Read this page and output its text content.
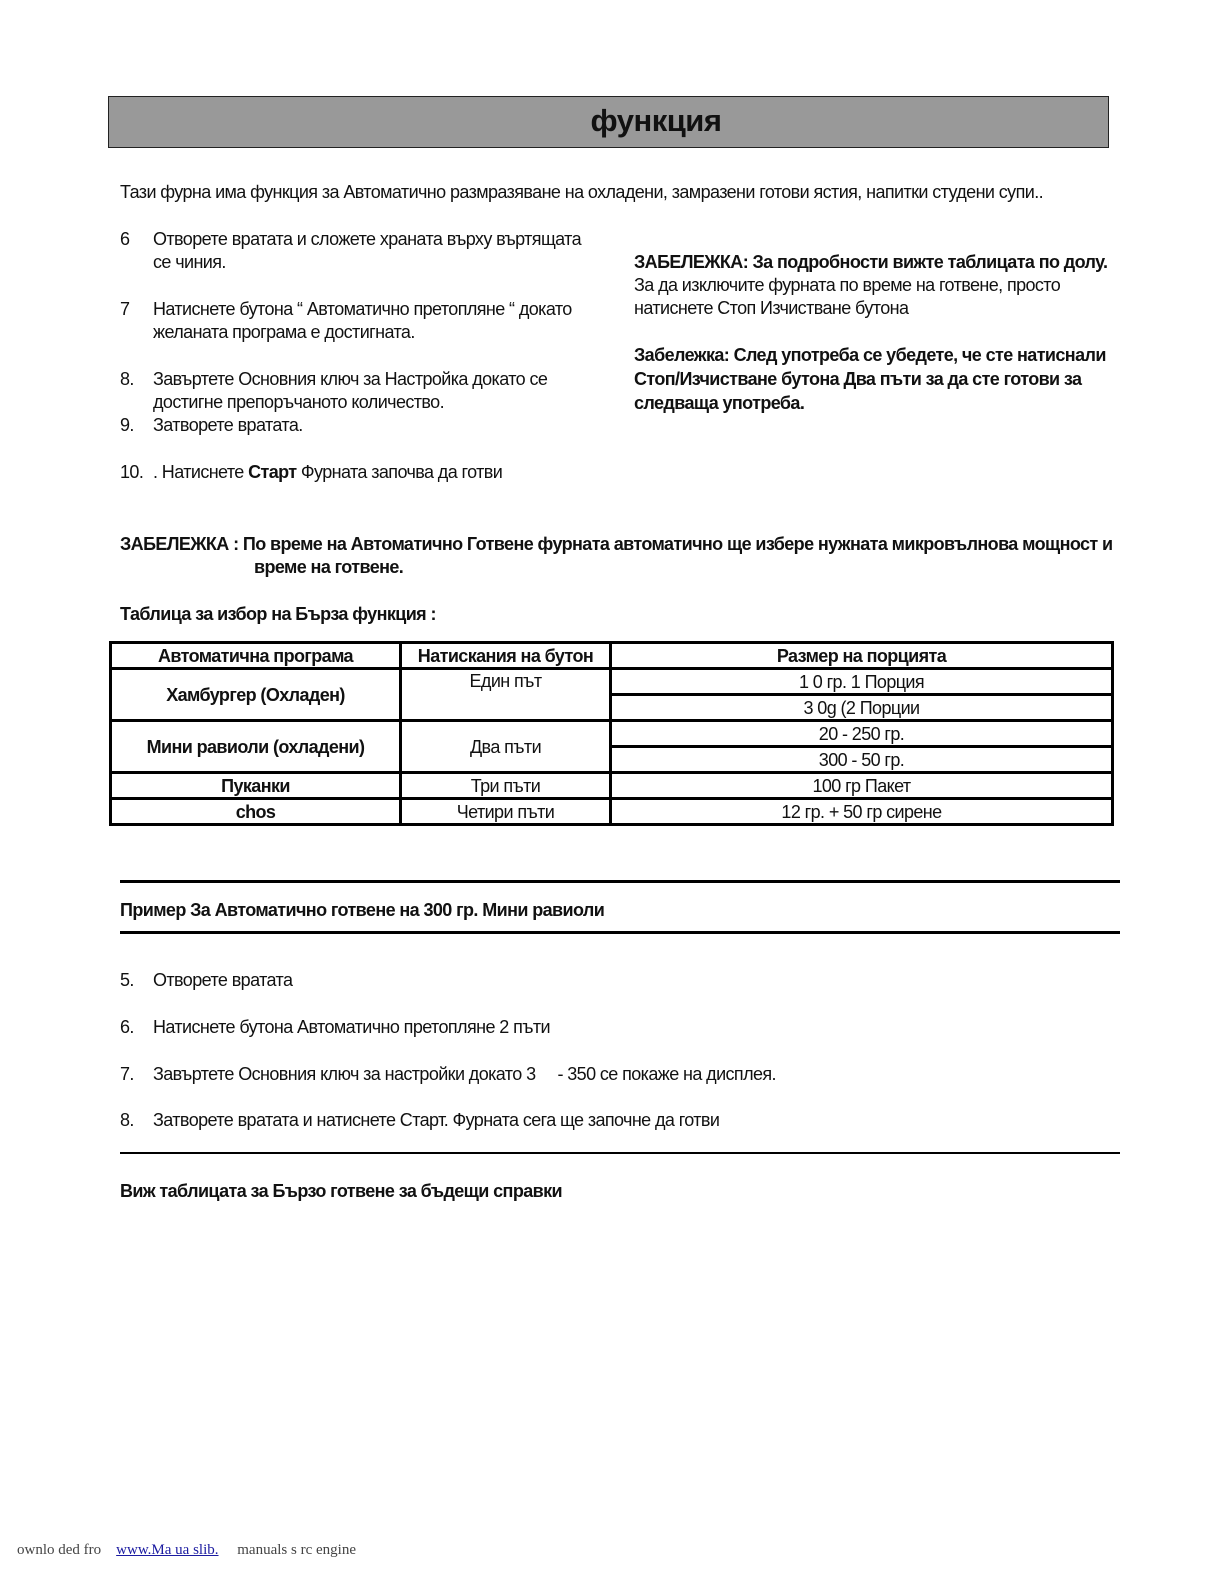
функция
Тази фурна има функция за Автоматично размразяване на охладени, замразени готови ястия, напитки студени супи..
6 Отворете вратата и сложете храната върху въртящата
се чиния.
7 Натиснете бутона “ Автоматично претопляне “ докато
желаната програма е достигната.
8. Завъртете Основния ключ за Настройка докато се
достигне препоръчаното количество.
9. Затворете вратата.
10. . Натиснете Старт Фурната започва да готви
ЗАБЕЛЕЖКА: За подробности вижте таблицата по долу.
За да изключите фурната по време на готвене, просто
натиснете Стоп Изчистване бутона
Забележка: След употреба се убедете, че сте натиснали
Стоп/Изчистване бутона Два пъти за да сте готови за
следваща употреба.
ЗАБЕЛЕЖКА : По време на Автоматично Готвене фурната автоматично ще избере нужната микровълнова мощност и
време на готвене.
Таблица за избор на Бърза функция :
Автоматична програма	Натискания на бутон	Размер на порцията
Хамбургер (Охладен)	Един път	1 0 гр. 1 Порция
		3 0g (2 Порции
Мини равиоли (охладени)	Два пъти	20 - 250 гр.
		300 - 50 гр.
Пуканки	Три пъти	100 гр Пакет
chos	Четири пъти	12 гр. + 50 гр сирене
Пример За Автоматично готвене на 300 гр. Мини равиоли
5. Отворете вратата
6. Натиснете бутона Автоматично претопляне 2 пъти
7. Завъртете Основния ключ за настройки докато 3     - 350 се покаже на дисплея.
8. Затворете вратата и натиснете Старт. Фурната сега ще започне да готви
Виж таблицата за Бързо готвене за бъдещи справки
ownlo ded fro www.Ma ua slib. manuals s rc engine
